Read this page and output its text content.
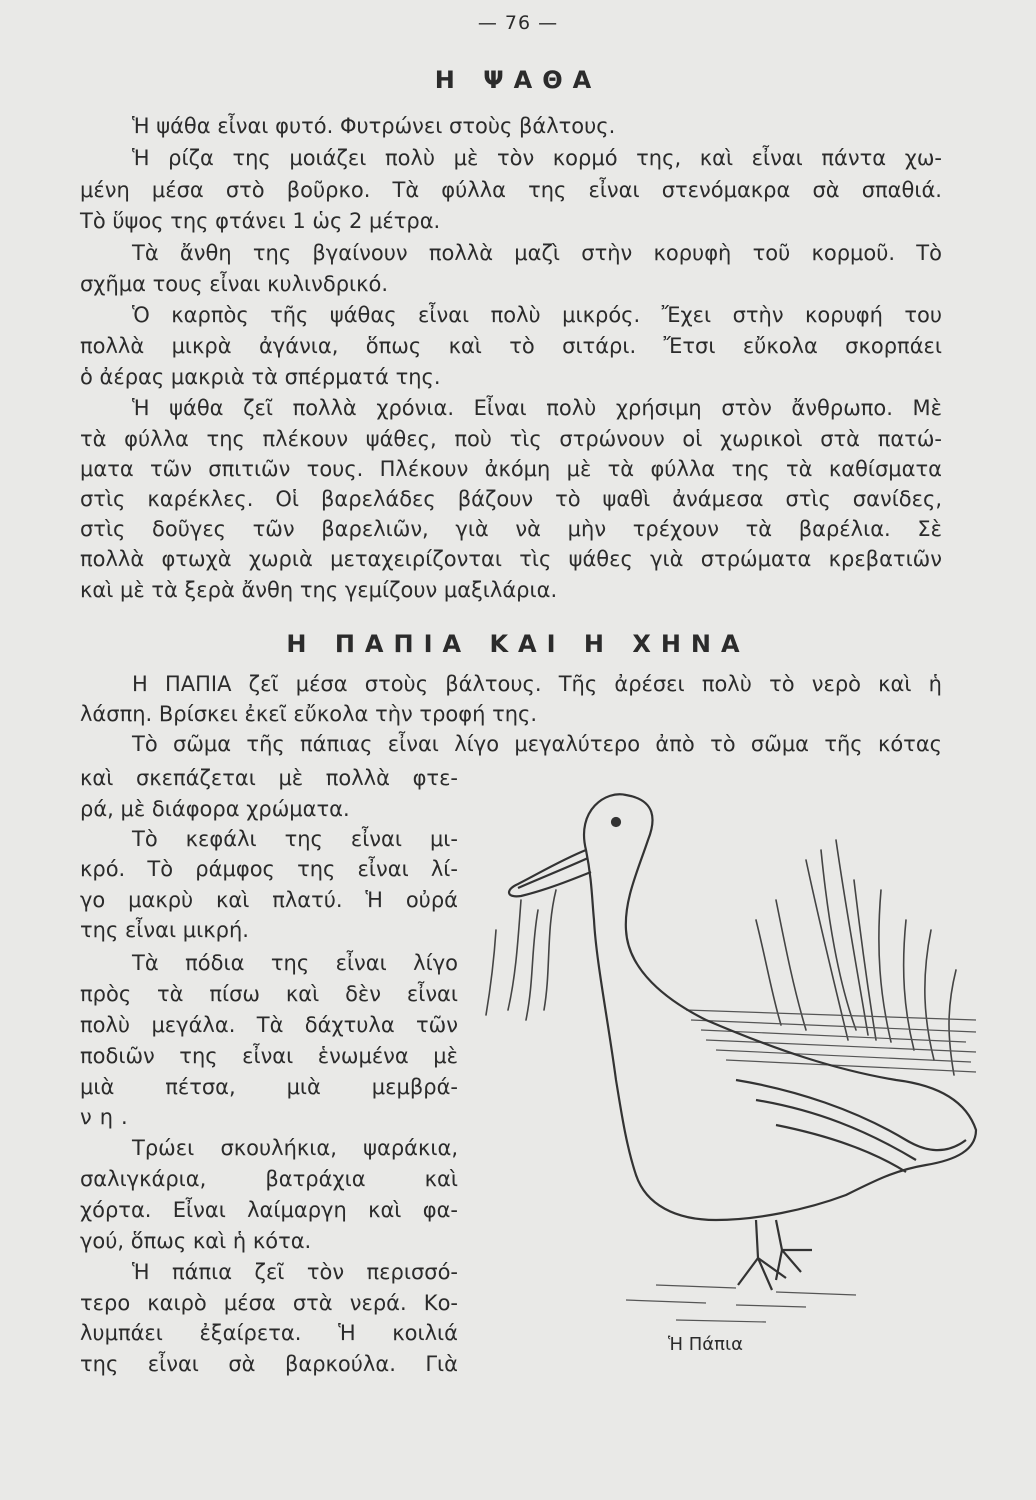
— 76 —
Η ΨΑΘΑ
Ἡ ψάθα εἶναι φυτό. Φυτρώνει στοὺς βάλτους.
Ἡ ρίζα της μοιάζει πολὺ μὲ τὸν κορμό της, καὶ εἶναι πάντα χω-
μένη μέσα στὸ βοῦρκο. Τὰ φύλλα της εἶναι στενόμακρα σὰ σπαθιά.
Τὸ ὕψος της φτάνει 1 ὡς 2 μέτρα.
Τὰ ἄνθη της βγαίνουν πολλὰ μαζὶ στὴν κορυφὴ τοῦ κορμοῦ. Τὸ
σχῆμα τους εἶναι κυλινδρικό.
Ὁ καρπὸς τῆς ψάθας εἶναι πολὺ μικρός. Ἔχει στὴν κορυφή του
πολλὰ μικρὰ ἀγάνια, ὅπως καὶ τὸ σιτάρι. Ἔτσι εὔκολα σκορπάει
ὁ ἀέρας μακριὰ τὰ σπέρματά της.
Ἡ ψάθα ζεῖ πολλὰ χρόνια. Εἶναι πολὺ χρήσιμη στὸν ἄνθρωπο. Μὲ
τὰ φύλλα της πλέκουν ψάθες, ποὺ τὶς στρώνουν οἱ χωρικοὶ στὰ πατώ-
ματα τῶν σπιτιῶν τους. Πλέκουν ἀκόμη μὲ τὰ φύλλα της τὰ καθίσματα
στὶς καρέκλες. Οἱ βαρελάδες βάζουν τὸ ψαθὶ ἀνάμεσα στὶς σανίδες,
στὶς δοῦγες τῶν βαρελιῶν, γιὰ νὰ μὴν τρέχουν τὰ βαρέλια. Σὲ
πολλὰ φτωχὰ χωριὰ μεταχειρίζονται τὶς ψάθες γιὰ στρώματα κρεβατιῶν
καὶ μὲ τὰ ξερὰ ἄνθη της γεμίζουν μαξιλάρια.
Η ΠΑΠΙΑ ΚΑΙ Η ΧΗΝΑ
Η ΠΑΠΙΑ ζεῖ μέσα στοὺς βάλτους. Τῆς ἀρέσει πολὺ τὸ νερὸ καὶ ἡ
λάσπη. Βρίσκει ἐκεῖ εὔκολα τὴν τροφή της.
Τὸ σῶμα τῆς πάπιας εἶναι λίγο μεγαλύτερο ἀπὸ τὸ σῶμα τῆς κότας
καὶ σκεπάζεται μὲ πολλὰ φτε-
ρά, μὲ διάφορα χρώματα.
Τὸ κεφάλι της εἶναι μι-
κρό. Τὸ ράμφος της εἶναι λί-
γο μακρὺ καὶ πλατύ. Ἡ οὐρά
της εἶναι μικρή.
Τὰ πόδια της εἶναι λίγο
πρὸς τὰ πίσω καὶ δὲν εἶναι
πολὺ μεγάλα. Τὰ δάχτυλα τῶν
ποδιῶν της εἶναι ἑνωμένα μὲ
μιὰ πέτσα, μιὰ μεμβρά-
νη.
Τρώει σκουλήκια, ψαράκια,
σαλιγκάρια, βατράχια καὶ
χόρτα. Εἶναι λαίμαργη καὶ φα-
γού, ὅπως καὶ ἡ κότα.
Ἡ πάπια ζεῖ τὸν περισσό-
τερο καιρὸ μέσα στὰ νερά. Κο-
λυμπάει ἐξαίρετα. Ἡ κοιλιά
της εἶναι σὰ βαρκούλα. Γιὰ
Ἡ Πάπια
